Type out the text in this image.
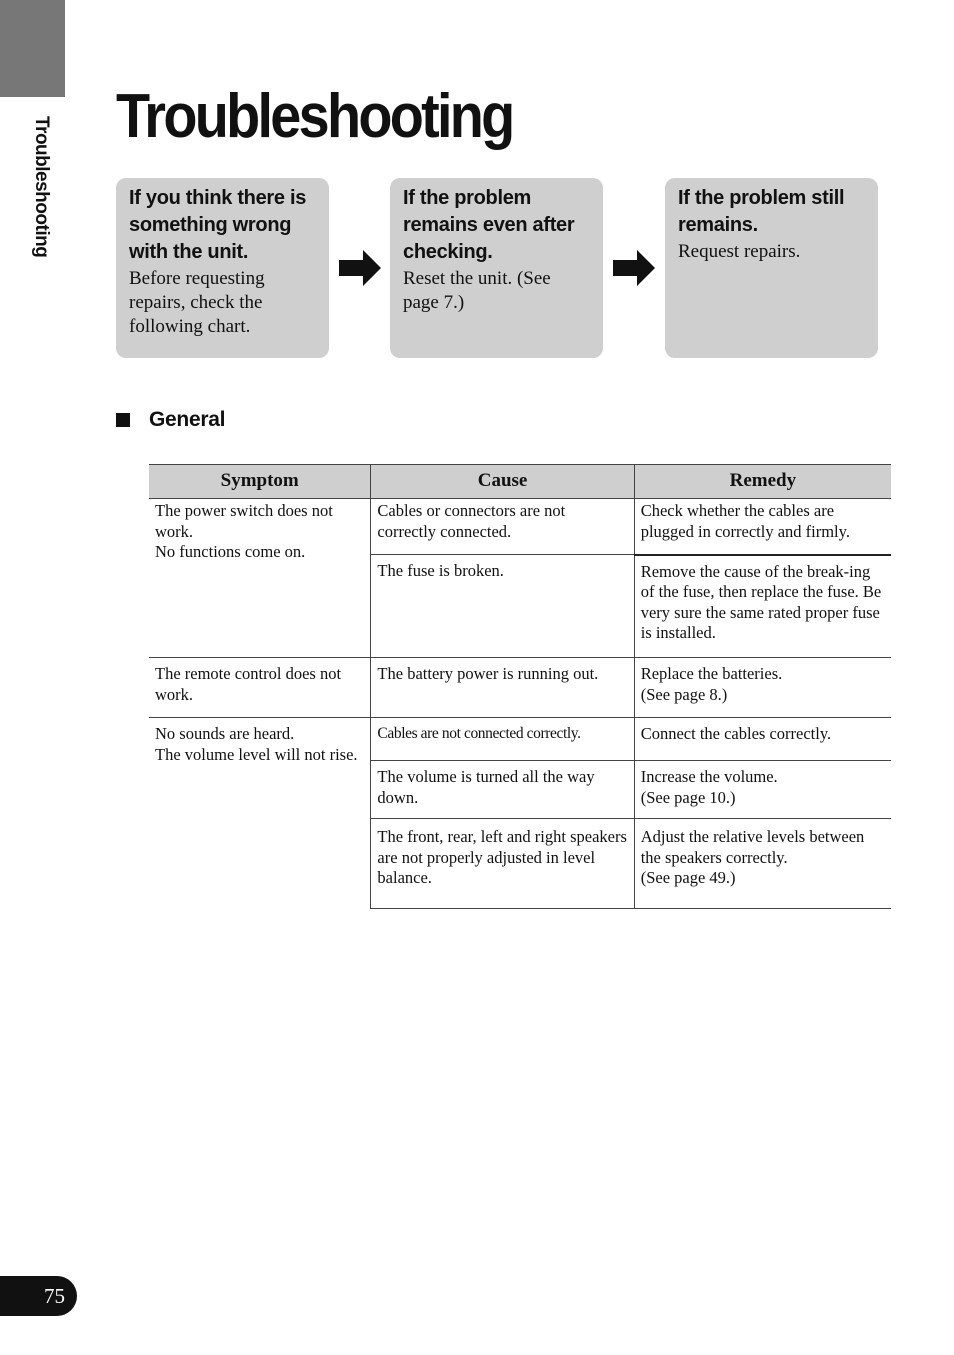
Troubleshooting Troubleshooting
If you think there is something wrong with the unit.
Before requesting repairs, check the following chart.
If the problem remains even after checking.
Reset the unit. (See page 7.)
If the problem still remains.
Request repairs.
General
Symptom	Cause	Remedy

The power switch does not work.
No functions come on.	Cables or connectors are not correctly connected.	Check whether the cables are plugged in correctly and firmly.
	The fuse is broken.	Remove the cause of the break-ing of the fuse, then replace the fuse. Be very sure the same rated proper fuse is installed.
The remote control does not work.	The battery power is running out.	Replace the batteries.
(See page 8.)

No sounds are heard.
The volume level will not rise.	Cables are not connected correctly.	Connect the cables correctly.
	The volume is turned all the way down.	Increase the volume.
(See page 10.)

	The front, rear, left and right speakers are not properly adjusted in level balance.	Adjust the relative levels between the speakers correctly.
(See page 49.)
75
